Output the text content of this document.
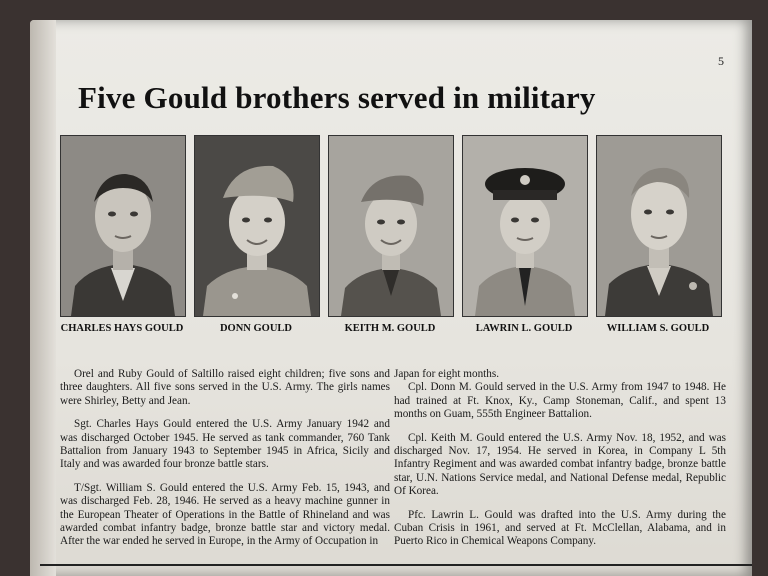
5
Five Gould brothers served in military
CHARLES HAYS GOULD	DONN GOULD	KEITH M. GOULD	LAWRIN L. GOULD	WILLIAM S. GOULD

Orel and Ruby Gould of Saltillo raised eight children; five sons and three daughters. All five sons served in the U.S. Army. The girls names were Shirley, Betty and Jean.

Sgt. Charles Hays Gould entered the U.S. Army January 1942 and was discharged October 1945. He served as tank commander, 760 Tank Battalion from January 1943 to September 1945 in Africa, Sicily and Italy and was awarded four bronze battle stars.

T/Sgt. William S. Gould entered the U.S. Army Feb. 15, 1943, and was discharged Feb. 28, 1946. He served as a heavy machine gunner in the European Theater of Operations in the Battle of Rhineland and was awarded combat infantry badge, bronze battle star and victory medal. After the war ended he served in Europe, in the Army of Occupation in

Japan for eight months.

Cpl. Donn M. Gould served in the U.S. Army from 1947 to 1948. He had trained at Ft. Knox, Ky., Camp Stoneman, Calif., and spent 13 months on Guam, 555th Engineer Battalion.

Cpl. Keith M. Gould entered the U.S. Army Nov. 18, 1952, and was discharged Nov. 17, 1954. He served in Korea, in Company L 5th Infantry Regiment and was awarded combat infantry badge, bronze battle star, U.N. Nations Service medal, and National Defense medal, Republic Of Korea.

Pfc. Lawrin L. Gould was drafted into the U.S. Army during the Cuban Crisis in 1961, and served at Ft. McClellan, Alabama, and in Puerto Rico in Chemical Weapons Company.
